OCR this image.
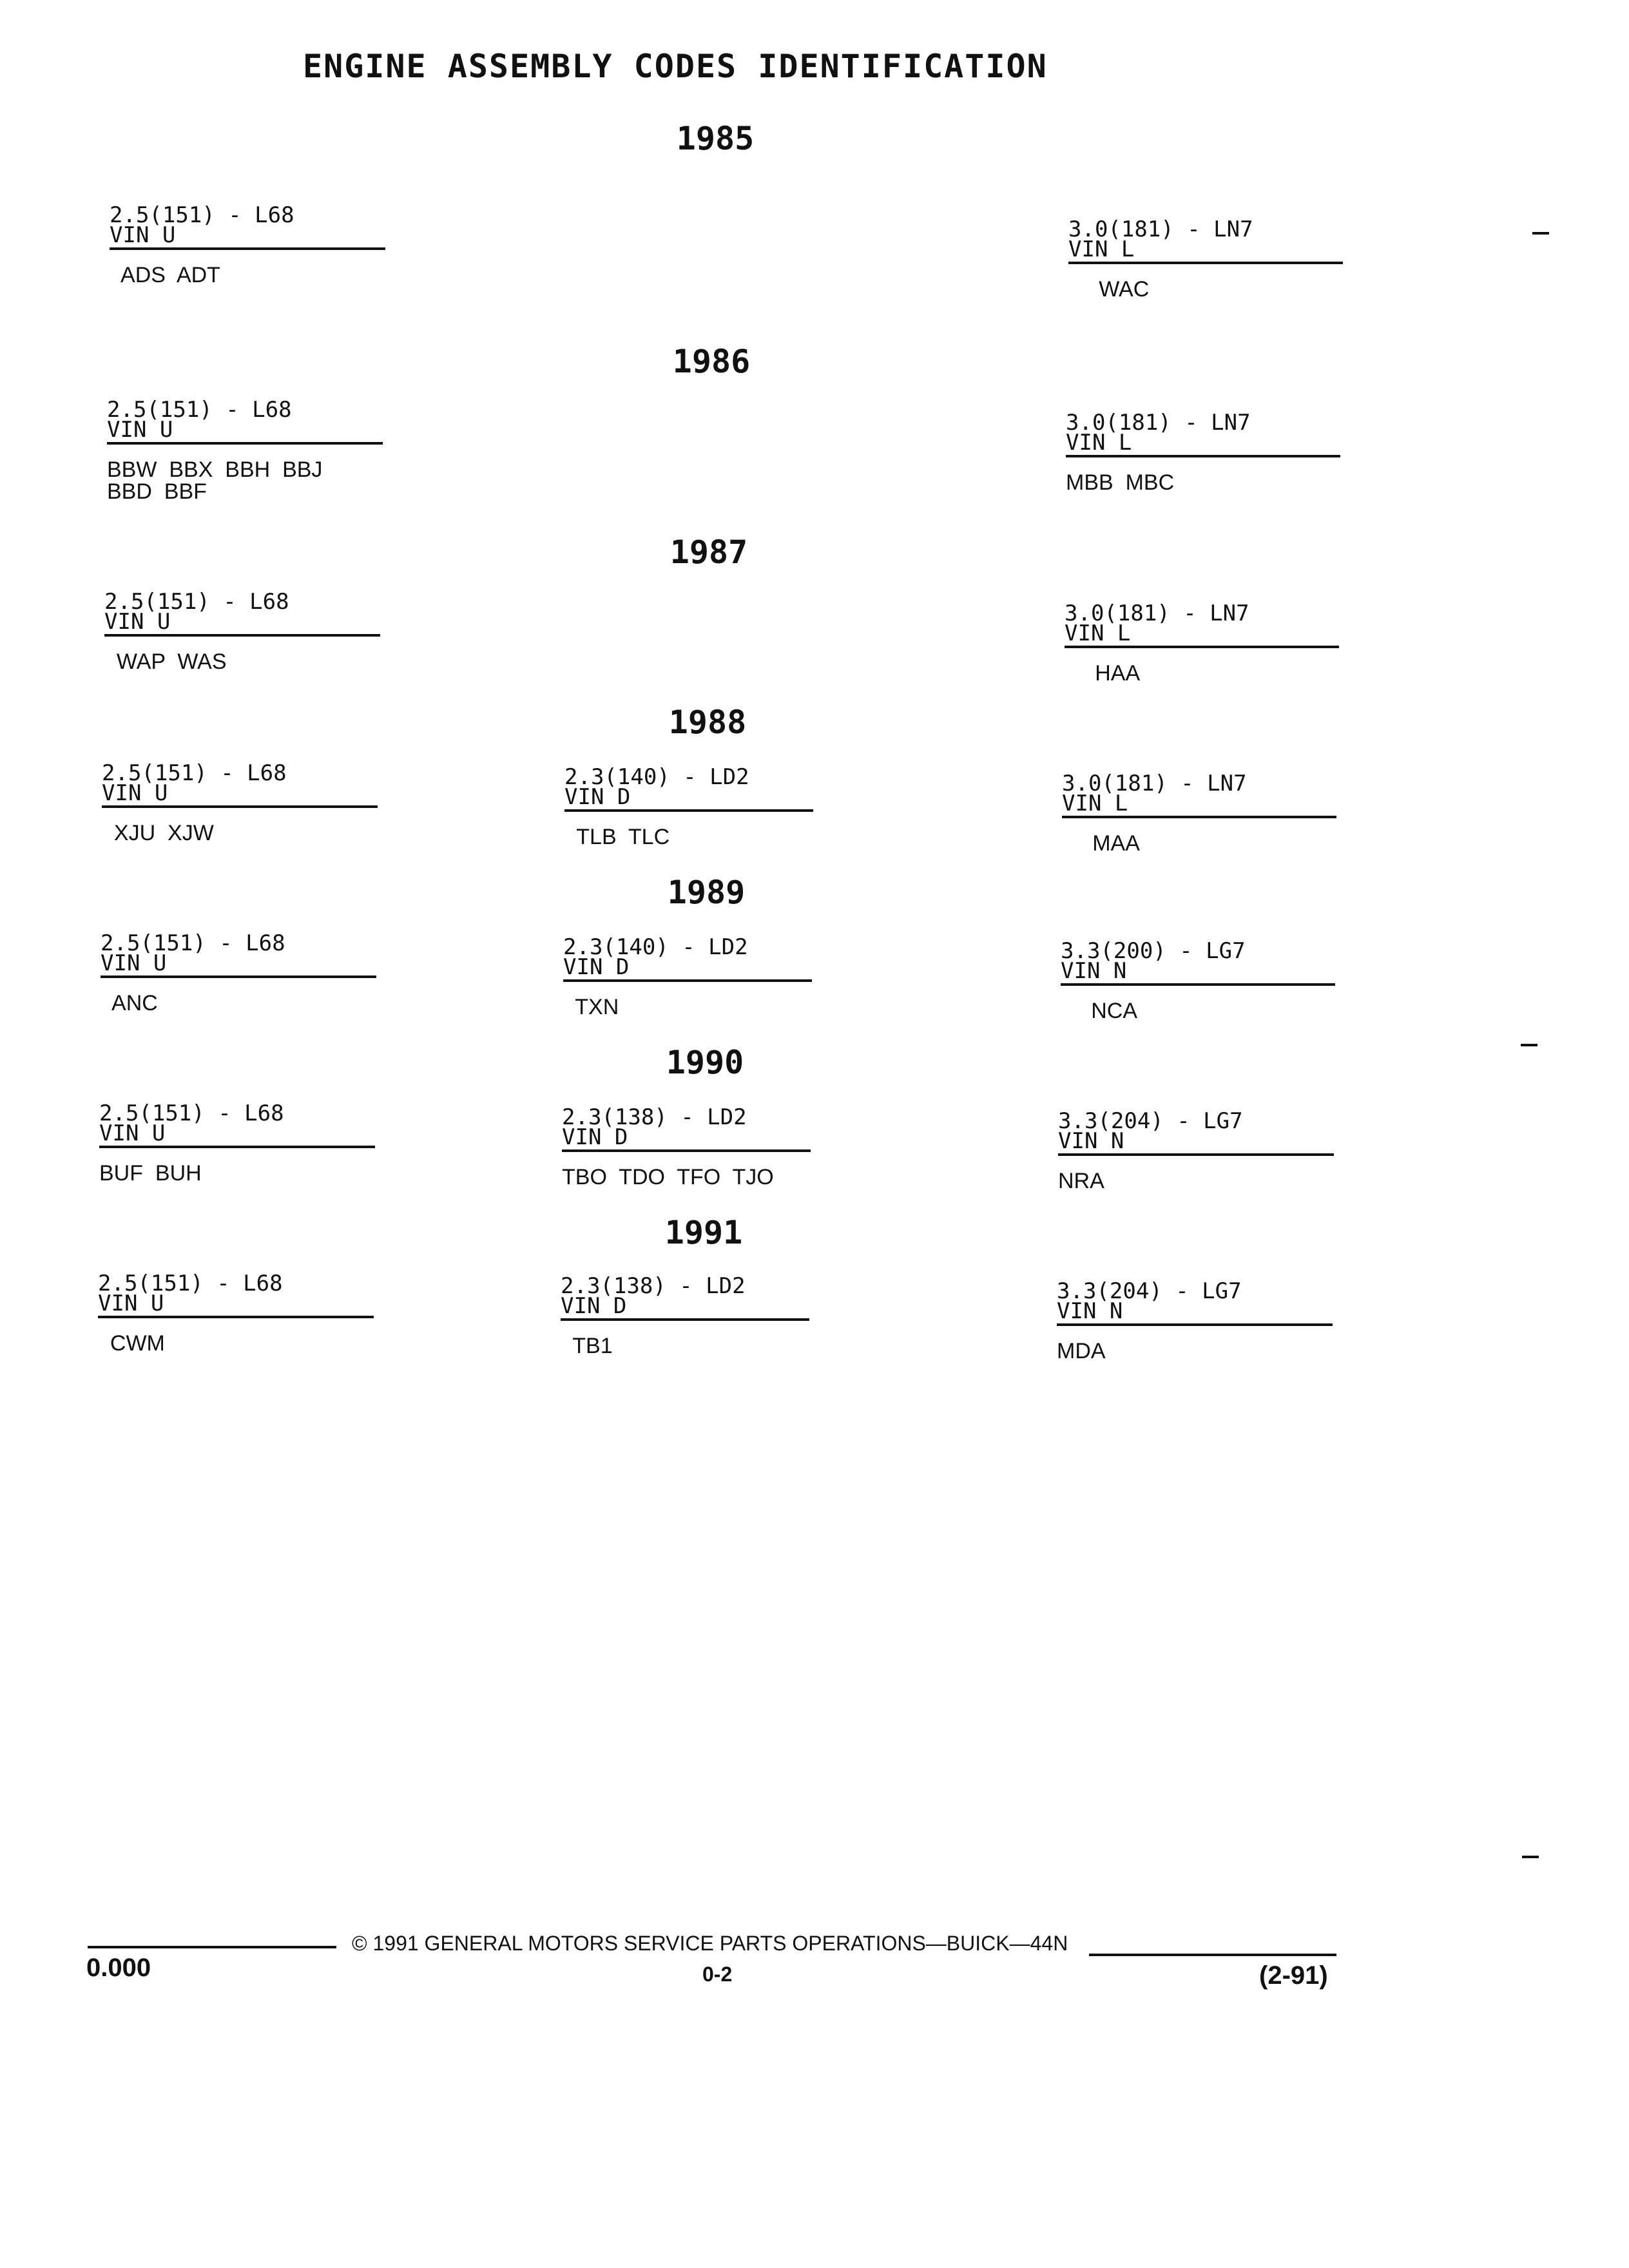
ENGINE ASSEMBLY CODES IDENTIFICATION
1985
1986
1987
1988
1989
1990
1991
2.5(151) - L68
VIN U
ADS  ADT
3.0(181) - LN7
VIN L
WAC
2.5(151) - L68
VIN U
BBW  BBX  BBH  BBJ
BBD  BBF
3.0(181) - LN7
VIN L
MBB  MBC
2.5(151) - L68
VIN U
WAP  WAS
3.0(181) - LN7
VIN L
HAA
2.5(151) - L68
VIN U
XJU  XJW
2.3(140) - LD2
VIN D
TLB  TLC
3.0(181) - LN7
VIN L
MAA
2.5(151) - L68
VIN U
ANC
2.3(140) - LD2
VIN D
TXN
3.3(200) - LG7
VIN N
NCA
2.5(151) - L68
VIN U
BUF  BUH
2.3(138) - LD2
VIN D
TBO  TDO  TFO  TJO
3.3(204) - LG7
VIN N
NRA
2.5(151) - L68
VIN U
CWM
2.3(138) - LD2
VIN D
TB1
3.3(204) - LG7
VIN N
MDA
© 1991 GENERAL MOTORS SERVICE PARTS OPERATIONS—BUICK—44N
0.000	0-2	(2-91)
